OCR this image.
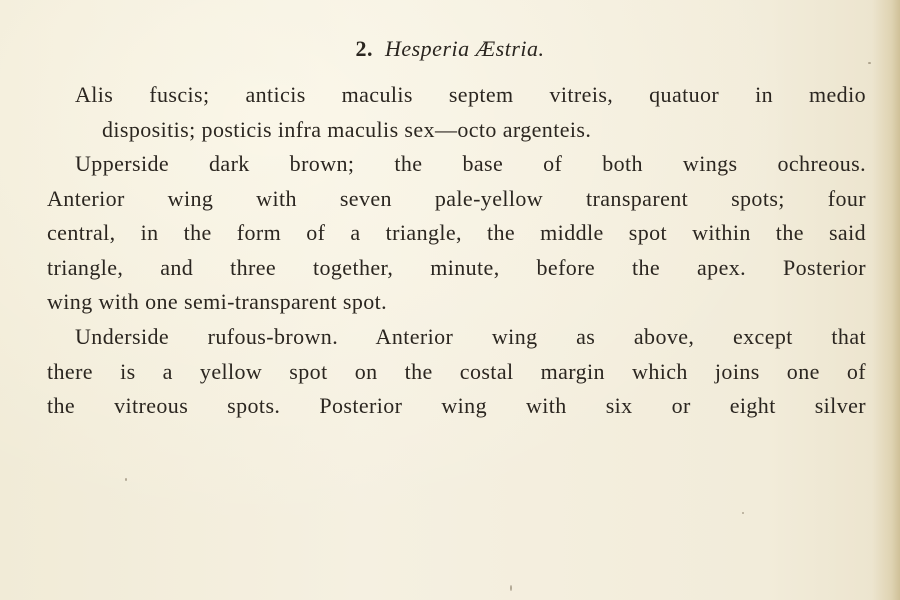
2. Hesperia Æstria.
Alis fuscis; anticis maculis septem vitreis, quatuor in medio
dispositis; posticis infra maculis sex—octo argenteis.
Upperside dark brown; the base of both wings ochreous.
Anterior wing with seven pale-yellow transparent spots; four
central, in the form of a triangle, the middle spot within the said
triangle, and three together, minute, before the apex. Posterior
wing with one semi-transparent spot.
Underside rufous-brown. Anterior wing as above, except that
there is a yellow spot on the costal margin which joins one of
the vitreous spots. Posterior wing with six or eight silver
